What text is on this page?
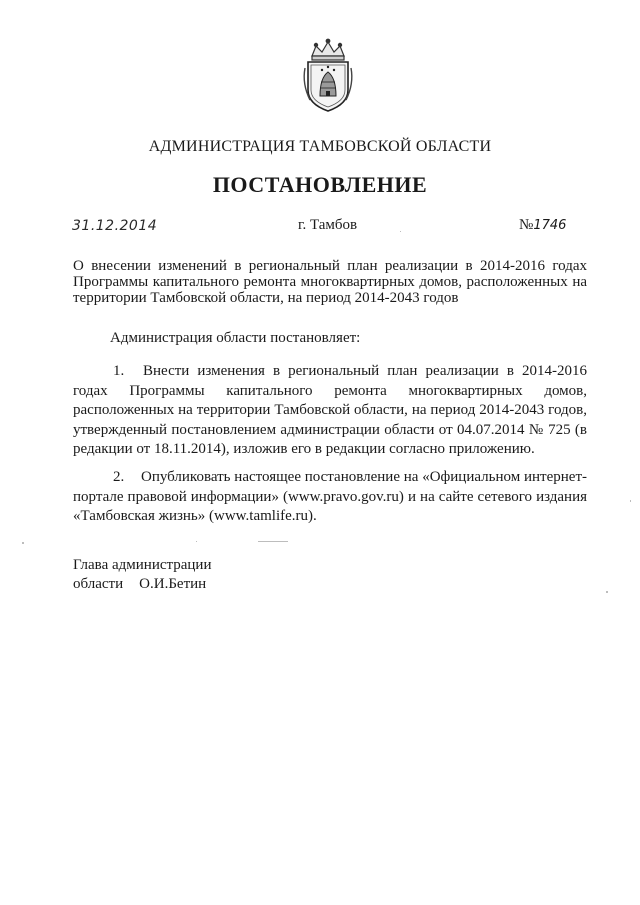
АДМИНИСТРАЦИЯ ТАМБОВСКОЙ ОБЛАСТИ
ПОСТАНОВЛЕНИЕ
31.12.2014	г. Тамбов	№1746
О внесении изменений в региональный план реализации в 2014-2016 годах Программы капитального ремонта многоквартирных домов, расположенных на территории Тамбовской области, на период 2014-2043 годов
Администрация области постановляет:
1. Внести изменения в региональный план реализации в 2014-2016 годах Программы капитального ремонта многоквартирных домов, расположенных на территории Тамбовской области, на период 2014-2043 годов, утвержденный постановлением администрации области от 04.07.2014 № 725 (в редакции от 18.11.2014), изложив его в редакции согласно приложению.
2. Опубликовать настоящее постановление на «Официальном интернет-портале правовой информации» (www.pravo.gov.ru) и на сайте сетевого издания «Тамбовская жизнь» (www.tamlife.ru).
Глава администрации
области О.И.Бетин
